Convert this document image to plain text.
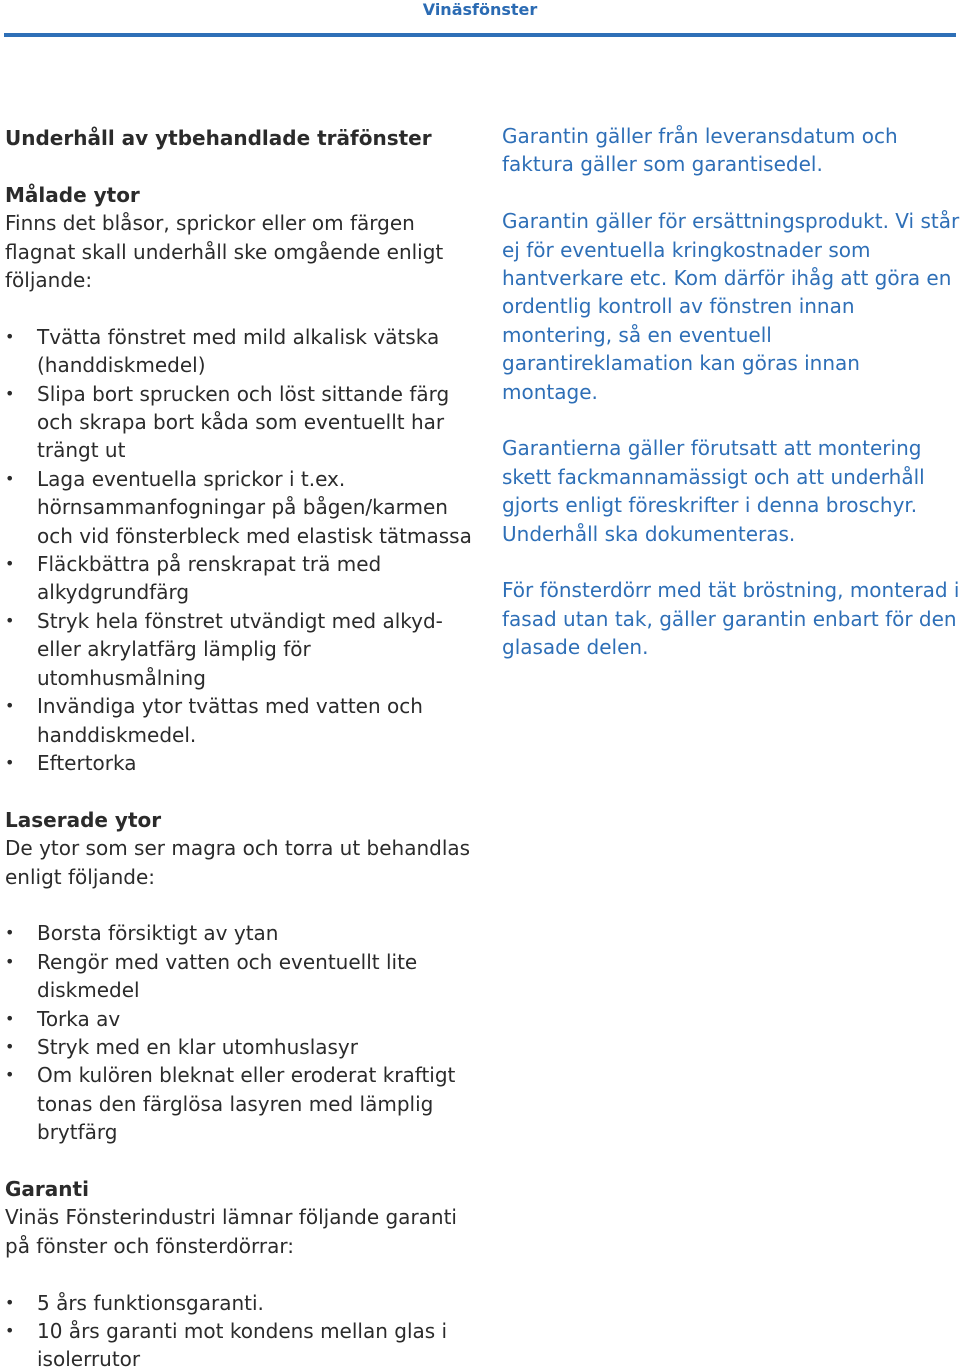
Vinäsfönster

Underhåll av ytbehandlade träfönster

Målade ytor

Finns det blåsor, sprickor eller om färgen flagnat skall underhåll ske omgående enligt följande:

• Tvätta fönstret med mild alkalisk vätska (handdiskmedel)
• Slipa bort sprucken och löst sittande färg och skrapa bort kåda som eventuellt har trängt ut
• Laga eventuella sprickor i t.ex. hörnsammanfogningar på bågen/karmen och vid fönsterbleck med elastisk tätmassa
• Fläckbättra på renskrapat trä med alkydgrundfärg
• Stryk hela fönstret utvändigt med alkyd- eller akrylatfärg lämplig för utomhusmålning
• Invändiga ytor tvättas med vatten och handdiskmedel.
• Eftertorka

Laserade ytor

De ytor som ser magra och torra ut behandlas enligt följande:

• Borsta försiktigt av ytan
• Rengör med vatten och eventuellt lite diskmedel
• Torka av
• Stryk med en klar utomhuslasyr
• Om kulören bleknat eller eroderat kraftigt tonas den färglösa lasyren med lämplig brytfärg

Garanti

Vinäs Fönsterindustri lämnar följande garanti på fönster och fönsterdörrar:

• 5 års funktionsgaranti.
• 10 års garanti mot kondens mellan glas i isolerrutor

Garantin gäller från leveransdatum och faktura gäller som garantisedel.

Garantin gäller för ersättningsprodukt. Vi står ej för eventuella kringkostnader som hantverkare etc. Kom därför ihåg att göra en ordentlig kontroll av fönstren innan montering, så en eventuell garantireklamation kan göras innan montage.

Garantierna gäller förutsatt att montering skett fackmannamässigt och att underhåll gjorts enligt föreskrifter i denna broschyr. Underhåll ska dokumenteras.

För fönsterdörr med tät bröstning, monterad i fasad utan tak, gäller garantin enbart för den glasade delen.
